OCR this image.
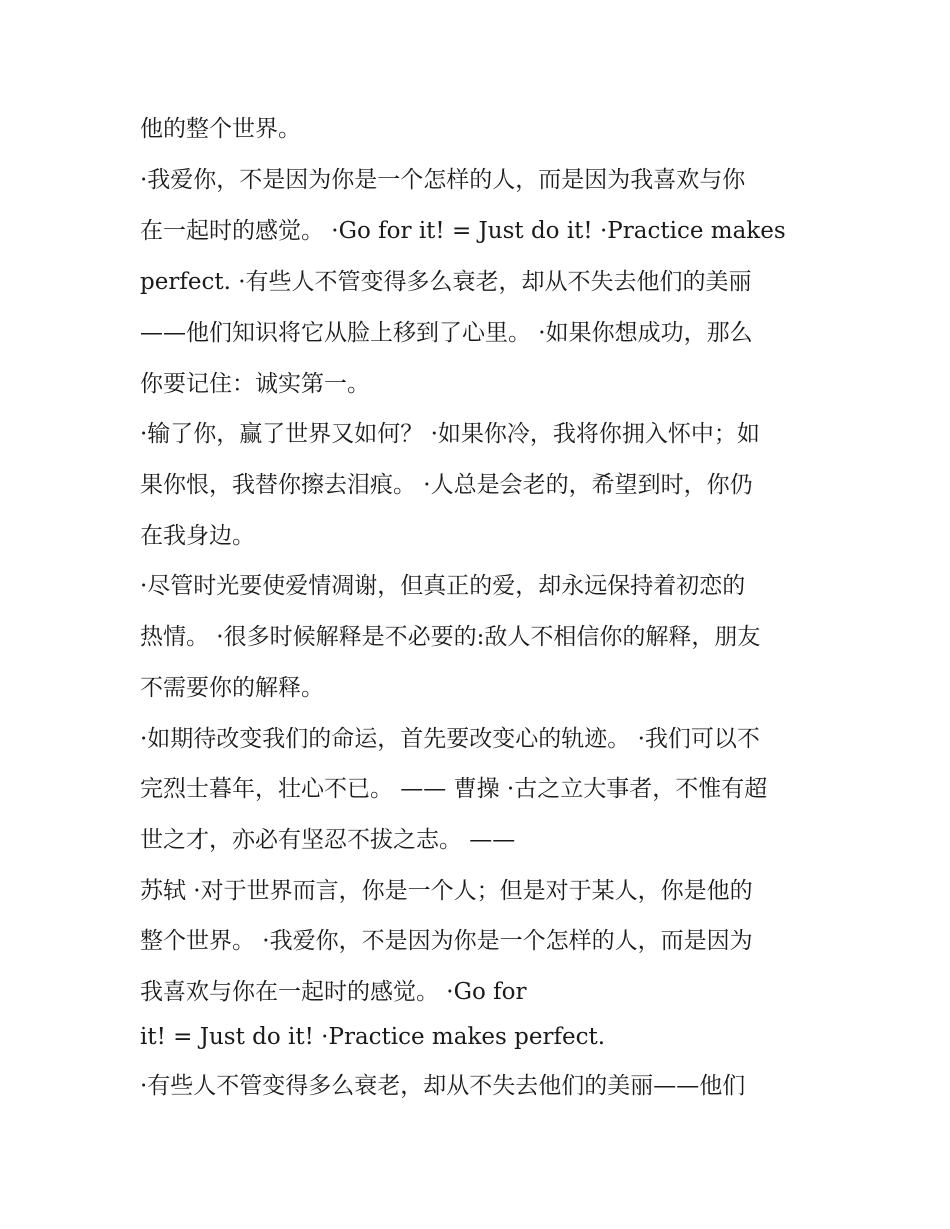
他的整个世界。
·我爱你，不是因为你是一个怎样的人，而是因为我喜欢与你
在一起时的感觉。 ·Go for it! = Just do it! ·Practice makes
perfect. ·有些人不管变得多么衰老，却从不失去他们的美丽
——他们知识将它从脸上移到了心里。 ·如果你想成功，那么
你要记住：诚实第一。
·输了你，赢了世界又如何？ ·如果你冷，我将你拥入怀中；如
果你恨，我替你擦去泪痕。 ·人总是会老的，希望到时，你仍
在我身边。
·尽管时光要使爱情凋谢，但真正的爱，却永远保持着初恋的
热情。 ·很多时候解释是不必要的:敌人不相信你的解释，朋友
不需要你的解释。
·如期待改变我们的命运，首先要改变心的轨迹。 ·我们可以不
完烈士暮年，壮心不已。 —— 曹操 ·古之立大事者，不惟有超
世之才，亦必有坚忍不拔之志。 ——
苏轼 ·对于世界而言，你是一个人；但是对于某人，你是他的
整个世界。 ·我爱你，不是因为你是一个怎样的人，而是因为
我喜欢与你在一起时的感觉。 ·Go for
it! = Just do it! ·Practice makes perfect.
·有些人不管变得多么衰老，却从不失去他们的美丽——他们
